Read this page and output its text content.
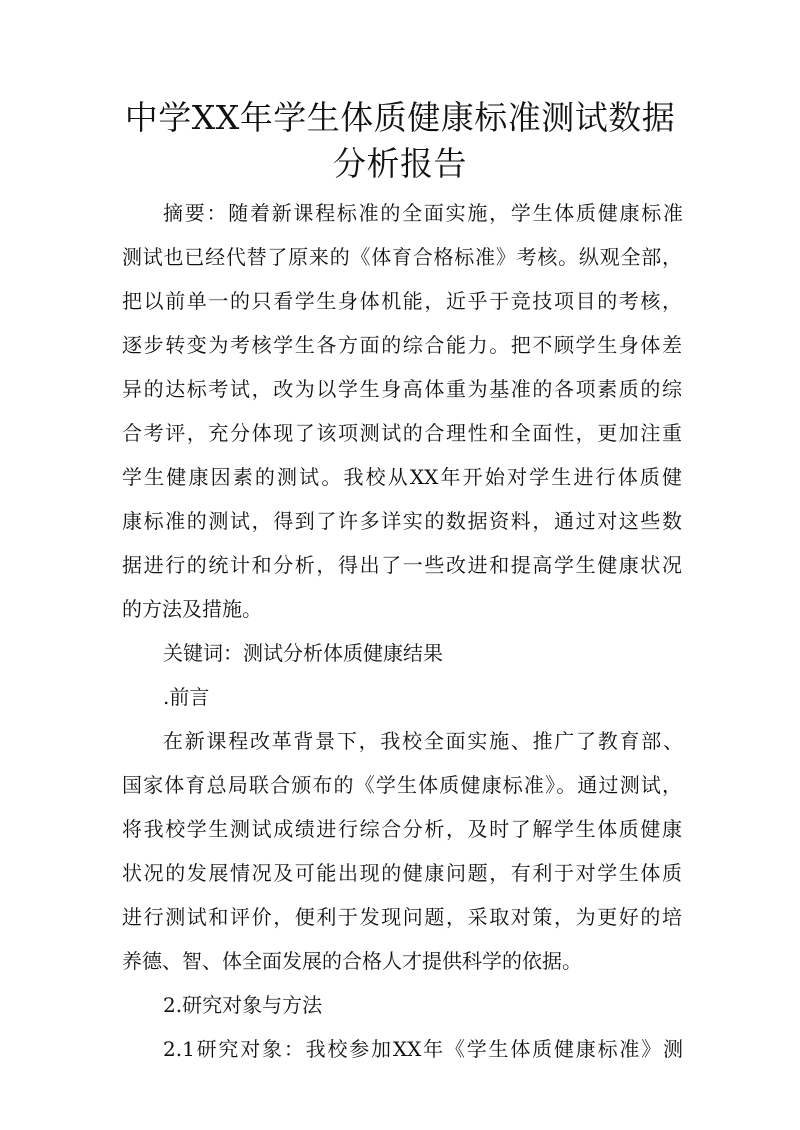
中学XX年学生体质健康标准测试数据
分析报告
摘要：随着新课程标准的全面实施，学生体质健康标准
测试也已经代替了原来的《体育合格标准》考核。纵观全部，
把以前单一的只看学生身体机能，近乎于竞技项目的考核，
逐步转变为考核学生各方面的综合能力。把不顾学生身体差
异的达标考试，改为以学生身高体重为基准的各项素质的综
合考评，充分体现了该项测试的合理性和全面性，更加注重
学生健康因素的测试。我校从XX年开始对学生进行体质健
康标准的测试，得到了许多详实的数据资料，通过对这些数
据进行的统计和分析，得出了一些改进和提高学生健康状况
的方法及措施。
关键词：测试分析体质健康结果
.前言
在新课程改革背景下，我校全面实施、推广了教育部、
国家体育总局联合颁布的《学生体质健康标准》。通过测试，
将我校学生测试成绩进行综合分析，及时了解学生体质健康
状况的发展情况及可能出现的健康问题，有利于对学生体质
进行测试和评价，便利于发现问题，采取对策，为更好的培
养德、智、体全面发展的合格人才提供科学的依据。
2.研究对象与方法
2.1研究对象：我校参加XX年《学生体质健康标准》测
